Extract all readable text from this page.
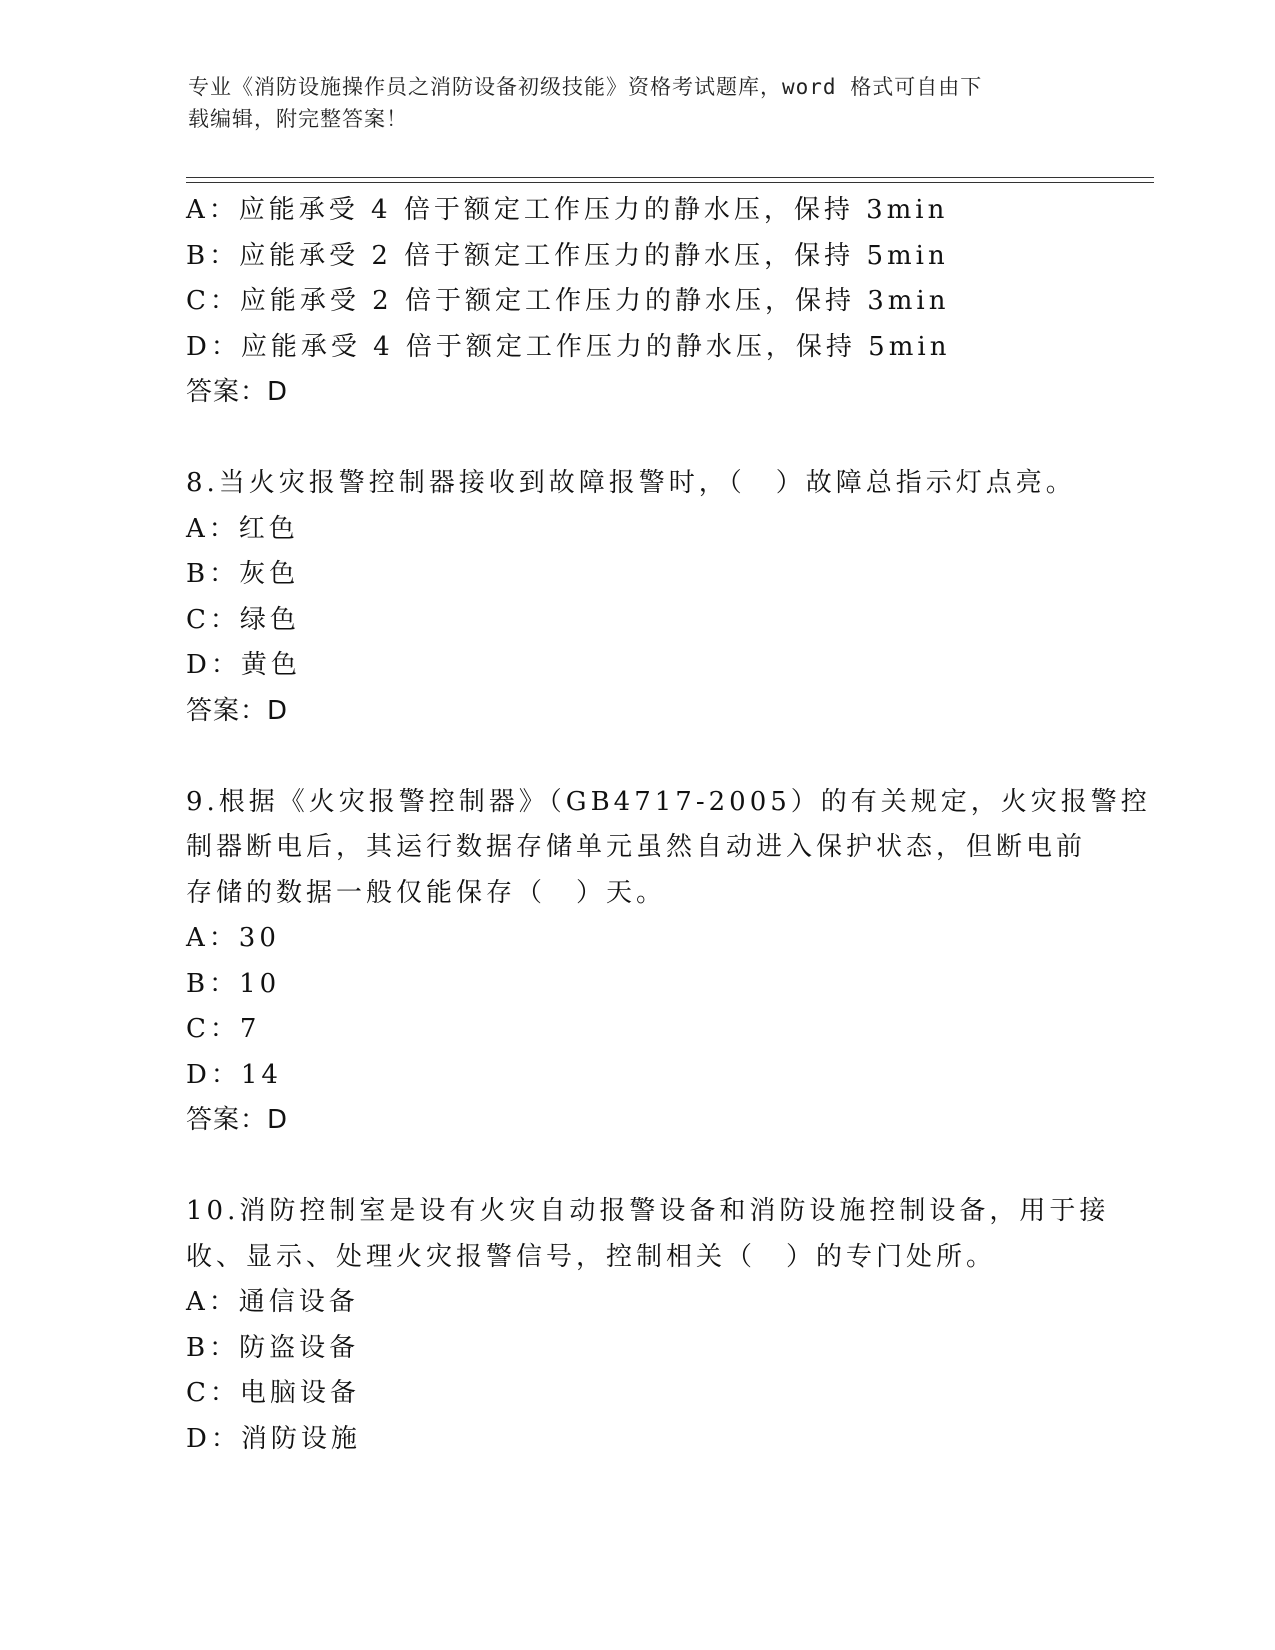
专业《消防设施操作员之消防设备初级技能》资格考试题库，word 格式可自由下
载编辑，附完整答案！
A：应能承受 4 倍于额定工作压力的静水压，保持 3min
B：应能承受 2 倍于额定工作压力的静水压，保持 5min
C：应能承受 2 倍于额定工作压力的静水压，保持 3min
D：应能承受 4 倍于额定工作压力的静水压，保持 5min
答案：D
8.当火灾报警控制器接收到故障报警时，（　）故障总指示灯点亮。
A：红色
B：灰色
C：绿色
D：黄色
答案：D
9.根据《火灾报警控制器》（GB4717-2005）的有关规定，火灾报警控
制器断电后，其运行数据存储单元虽然自动进入保护状态，但断电前
存储的数据一般仅能保存（　）天。
A：30
B：10
C：7
D：14
答案：D
10.消防控制室是设有火灾自动报警设备和消防设施控制设备，用于接
收、显示、处理火灾报警信号，控制相关（　）的专门处所。
A：通信设备
B：防盗设备
C：电脑设备
D：消防设施
